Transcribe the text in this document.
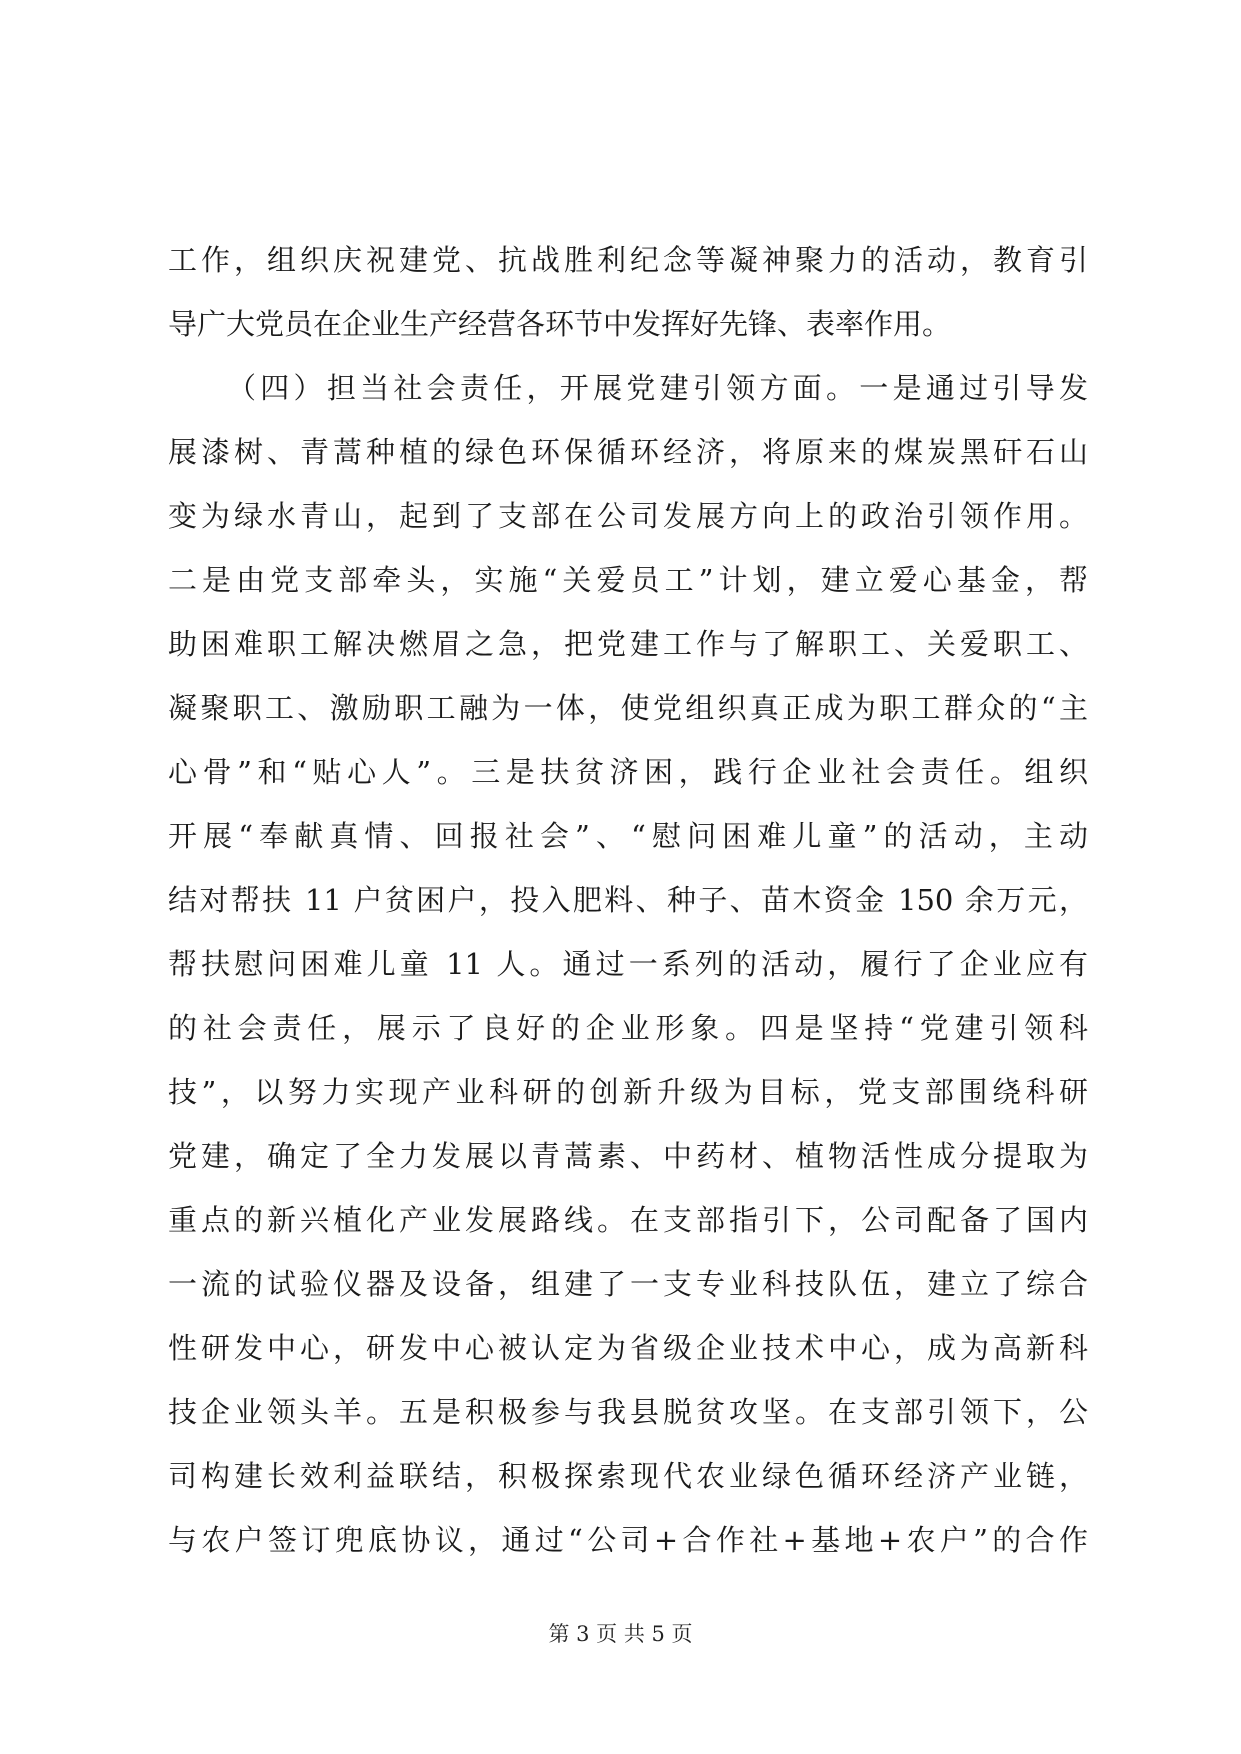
工作，组织庆祝建党、抗战胜利纪念等凝神聚力的活动，教育引
导广大党员在企业生产经营各环节中发挥好先锋、表率作用。
（四）担当社会责任，开展党建引领方面。一是通过引导发
展漆树、青蒿种植的绿色环保循环经济，将原来的煤炭黑矸石山
变为绿水青山，起到了支部在公司发展方向上的政治引领作用。
二是由党支部牵头，实施“关爱员工”计划，建立爱心基金，帮
助困难职工解决燃眉之急，把党建工作与了解职工、关爱职工、
凝聚职工、激励职工融为一体，使党组织真正成为职工群众的“主
心骨”和“贴心人”。三是扶贫济困，践行企业社会责任。组织
开展“奉献真情、回报社会”、“慰问困难儿童”的活动，主动
结对帮扶 11 户贫困户，投入肥料、种子、苗木资金 150 余万元，
帮扶慰问困难儿童 11 人。通过一系列的活动，履行了企业应有
的社会责任，展示了良好的企业形象。四是坚持“党建引领科
技”，以努力实现产业科研的创新升级为目标，党支部围绕科研
党建，确定了全力发展以青蒿素、中药材、植物活性成分提取为
重点的新兴植化产业发展路线。在支部指引下，公司配备了国内
一流的试验仪器及设备，组建了一支专业科技队伍，建立了综合
性研发中心，研发中心被认定为省级企业技术中心，成为高新科
技企业领头羊。五是积极参与我县脱贫攻坚。在支部引领下，公
司构建长效利益联结，积极探索现代农业绿色循环经济产业链，
与农户签订兜底协议，通过“公司+合作社+基地+农户”的合作
第 3 页 共 5 页
